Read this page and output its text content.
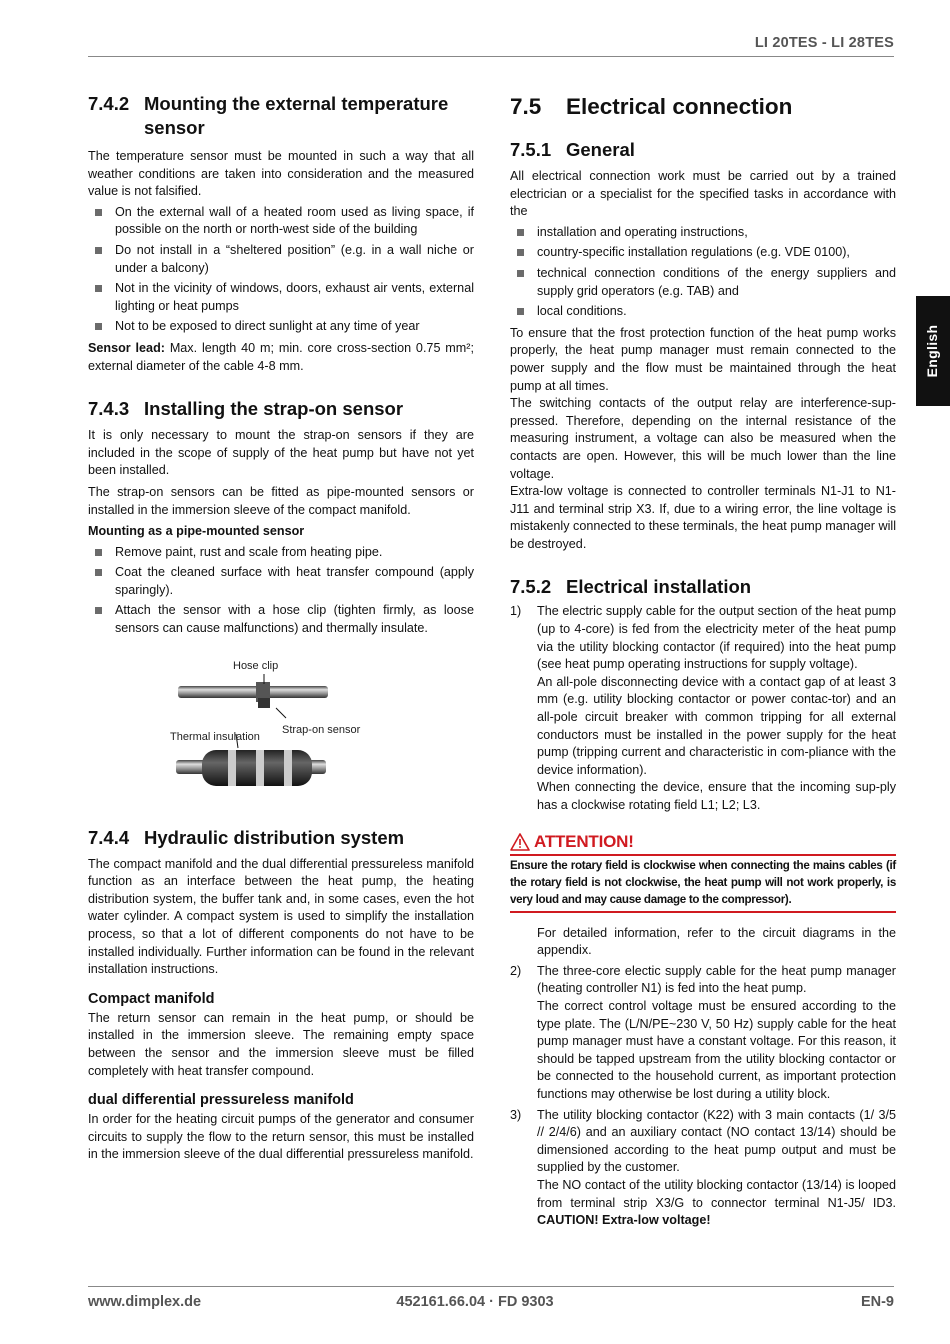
LI 20TES - LI 28TES
English
7.4.2 Mounting the external temperature sensor

The temperature sensor must be mounted in such a way that all weather conditions are taken into consideration and the measured value is not falsified.

On the external wall of a heated room used as living space, if possible on the north or north-west side of the building
Do not install in a “sheltered position” (e.g. in a wall niche or under a balcony)
Not in the vicinity of windows, doors, exhaust air vents, external lighting or heat pumps
Not to be exposed to direct sunlight at any time of year

Sensor lead: Max. length 40 m; min. core cross-section 0.75 mm²; external diameter of the cable 4-8 mm.

7.4.3 Installing the strap-on sensor

It is only necessary to mount the strap-on sensors if they are included in the scope of supply of the heat pump but have not yet been installed.

The strap-on sensors can be fitted as pipe-mounted sensors or installed in the immersion sleeve of the compact manifold.

Mounting as a pipe-mounted sensor
Remove paint, rust and scale from heating pipe.
Coat the cleaned surface with heat transfer compound (apply sparingly).
Attach the sensor with a hose clip (tighten firmly, as loose sensors can cause malfunctions) and thermally insulate.
Hose clip
Strap-on sensor
Thermal insulation
7.4.4 Hydraulic distribution system

The compact manifold and the dual differential pressureless manifold function as an interface between the heat pump, the heating distribution system, the buffer tank and, in some cases, even the hot water cylinder. A compact system is used to simplify the installation process, so that a lot of different components do not have to be installed individually. Further information can be found in the relevant installation instructions.

Compact manifold

The return sensor can remain in the heat pump, or should be installed in the immersion sleeve. The remaining empty space between the sensor and the immersion sleeve must be filled completely with heat transfer compound.

dual differential pressureless manifold

In order for the heating circuit pumps of the generator and consumer circuits to supply the flow to the return sensor, this must be installed in the immersion sleeve of the dual differential pressureless manifold.

7.5	Electrical connection
7.5.1 General

All electrical connection work must be carried out by a trained electrician or a specialist for the specified tasks in accordance with the

installation and operating instructions,
country-specific installation regulations (e.g. VDE 0100),
technical connection conditions of the energy suppliers and supply grid operators (e.g. TAB) and
local conditions.

To ensure that the frost protection function of the heat pump works properly, the heat pump manager must remain connected to the power supply and the flow must be maintained through the heat pump at all times.

The switching contacts of the output relay are interference-sup-pressed. Therefore, depending on the internal resistance of the measuring instrument, a voltage can also be measured when the contacts are open. However, this will be much lower than the line voltage.

Extra-low voltage is connected to controller terminals N1-J1 to N1-J11 and terminal strip X3. If, due to a wiring error, the line voltage is mistakenly connected to these terminals, the heat pump manager will be destroyed.

7.5.2 Electrical installation
1) The electric supply cable for the output section of the heat pump (up to 4-core) is fed from the electricity meter of the heat pump via the utility blocking contactor (if required) into the heat pump (see heat pump operating instructions for supply voltage).

An all-pole disconnecting device with a contact gap of at least 3 mm (e.g. utility blocking contactor or power contac-tor) and an all-pole circuit breaker with common tripping for all external conductors must be installed in the power supply for the heat pump (tripping current and characteristic in com-pliance with the device information).

When connecting the device, ensure that the incoming sup-ply has a clockwise rotating field L1; L2; L3.

ATTENTION!
Ensure the rotary field is clockwise when connecting the mains cables (if the rotary field is not clockwise, the heat pump will not work properly, is very loud and may cause damage to the compressor).

For detailed information, refer to the circuit diagrams in the appendix.

2) The three-core electic supply cable for the heat pump manager (heating controller N1) is fed into the heat pump.

The correct control voltage must be ensured according to the type plate. The (L/N/PE~230 V, 50 Hz) supply cable for the heat pump manager must have a constant voltage. For this reason, it should be tapped upstream from the utility blocking contactor or be connected to the household current, as important protection functions may otherwise be lost during a utility block.

3) The utility blocking contactor (K22) with 3 main contacts (1/ 3/5 // 2/4/6) and an auxiliary contact (NO contact 13/14) should be dimensioned according to the heat pump output and must be supplied by the customer.

The NO contact of the utility blocking contactor (13/14) is looped from terminal strip X3/G to connector terminal N1-J5/ ID3. CAUTION! Extra-low voltage!

www.dimplex.de	452161.66.04 · FD 9303	EN-9
